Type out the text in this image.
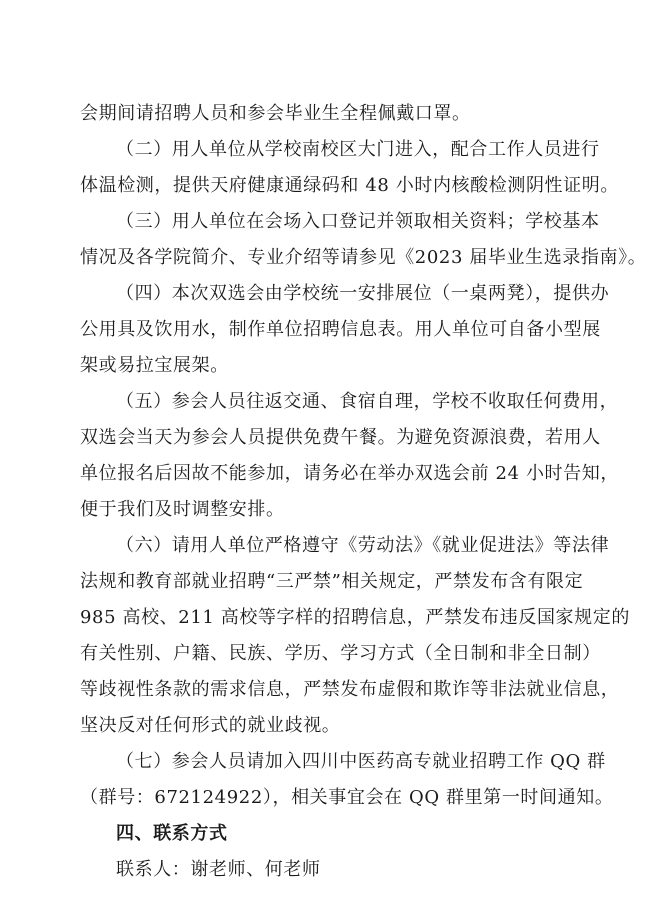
会期间请招聘人员和参会毕业生全程佩戴口罩。

（二）用人单位从学校南校区大门进入，配合工作人员进行
体温检测，提供天府健康通绿码和 48 小时内核酸检测阴性证明。

（三）用人单位在会场入口登记并领取相关资料；学校基本
情况及各学院简介、专业介绍等请参见《2023 届毕业生选录指南》。

（四）本次双选会由学校统一安排展位（一桌两凳），提供办
公用具及饮用水，制作单位招聘信息表。用人单位可自备小型展
架或易拉宝展架。

（五）参会人员往返交通、食宿自理，学校不收取任何费用，
双选会当天为参会人员提供免费午餐。为避免资源浪费，若用人
单位报名后因故不能参加，请务必在举办双选会前 24 小时告知，
便于我们及时调整安排。

（六）请用人单位严格遵守《劳动法》《就业促进法》等法律
法规和教育部就业招聘“三严禁”相关规定，严禁发布含有限定
985 高校、211 高校等字样的招聘信息，严禁发布违反国家规定的
有关性别、户籍、民族、学历、学习方式（全日制和非全日制）
等歧视性条款的需求信息，严禁发布虚假和欺诈等非法就业信息，
坚决反对任何形式的就业歧视。

（七）参会人员请加入四川中医药高专就业招聘工作 QQ 群
（群号：672124922），相关事宜会在 QQ 群里第一时间通知。

四、联系方式

联系人：谢老师、何老师
